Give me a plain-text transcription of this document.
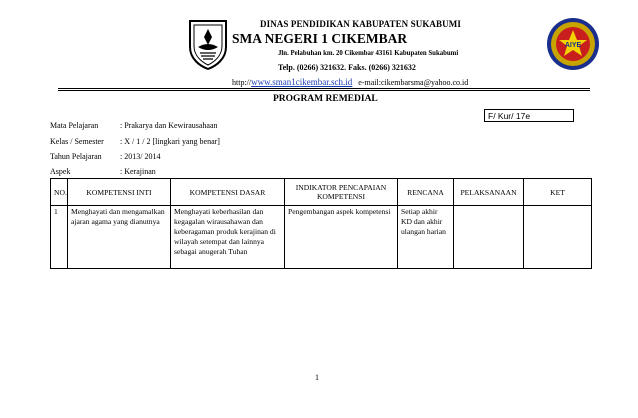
AIYE
DINAS PENDIDIKAN KABUPATEN SUKABUMI
SMA NEGERI 1 CIKEMBAR
Jln. Pelabuhan km. 20 Cikembar 43161 Kabupaten Sukabumi
Telp. (0266) 321632. Faks. (0266) 321632
http://www.sman1cikembar.sch.id e-mail:cikembarsma@yahoo.co.id
PROGRAM REMEDIAL
F/ Kur/ 17e
Mata Pelajaran	: Prakarya dan Kewirausahaan
Kelas / Semester : X / 1 / 2 [lingkari yang benar]
Tahun Pelajaran : 2013/ 2014
Aspek	: Kerajinan
NO.	KOMPETENSI INTI	KOMPETENSI DASAR	INDIKATOR PENCAPAIAN KOMPETENSI	RENCANA	PELAKSANAAN	KET
1	Menghayati dan mengamalkan ajaran agama yang dianutnya	Menghayati keberhasilan dan kegagalan wirausahawan dan keberagaman produk kerajinan di wilayah setempat dan lainnya sebagai anugerah Tuhan	Pengembangan aspek kompetensi	Setiap akhir KD dan akhir ulangan harian		
1
